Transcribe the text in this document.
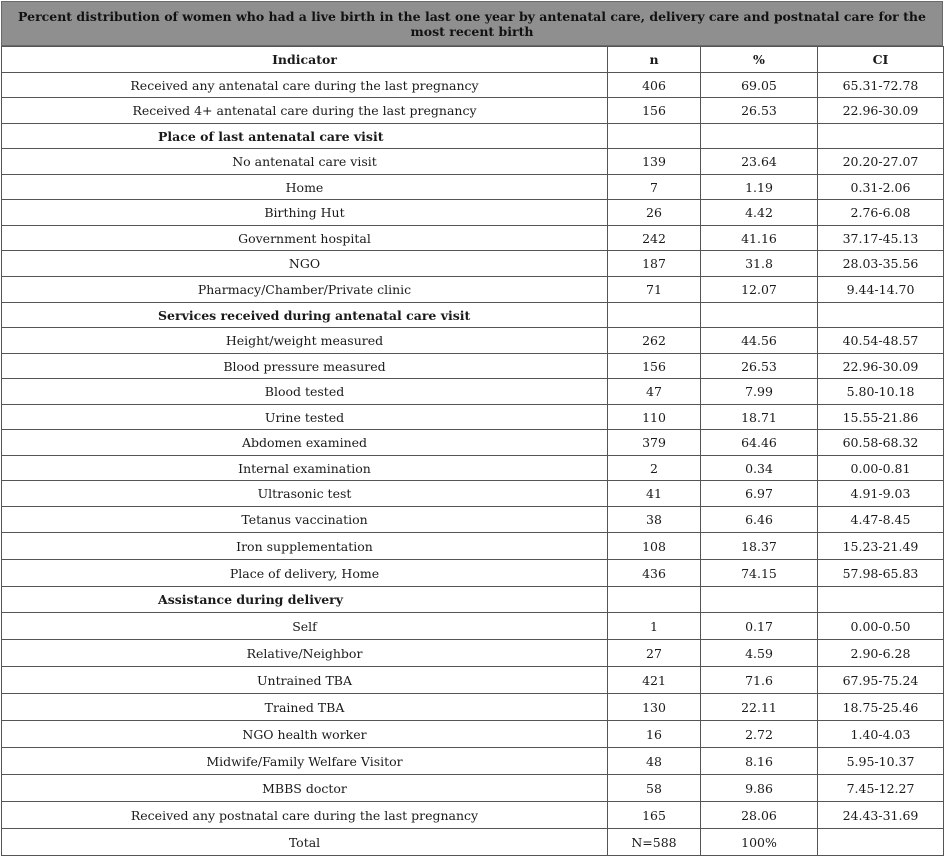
Percent distribution of women who had a live birth in the last one year by antenatal care, delivery care and postnatal care for the most recent birth
Indicator	n	%	CI
Received any antenatal care during the last pregnancy	406	69.05	65.31-72.78
Received 4+ antenatal care during the last pregnancy	156	26.53	22.96-30.09
Place of last antenatal care visit			
No antenatal care visit	139	23.64	20.20-27.07
Home	7	1.19	0.31-2.06
Birthing Hut	26	4.42	2.76-6.08
Government hospital	242	41.16	37.17-45.13
NGO	187	31.8	28.03-35.56
Pharmacy/Chamber/Private clinic	71	12.07	9.44-14.70
Services received during antenatal care visit			
Height/weight measured	262	44.56	40.54-48.57
Blood pressure measured	156	26.53	22.96-30.09
Blood tested	47	7.99	5.80-10.18
Urine tested	110	18.71	15.55-21.86
Abdomen examined	379	64.46	60.58-68.32
Internal examination	2	0.34	0.00-0.81
Ultrasonic test	41	6.97	4.91-9.03
Tetanus vaccination	38	6.46	4.47-8.45
Iron supplementation	108	18.37	15.23-21.49
Place of delivery, Home	436	74.15	57.98-65.83
Assistance during delivery			
Self	1	0.17	0.00-0.50
Relative/Neighbor	27	4.59	2.90-6.28
Untrained TBA	421	71.6	67.95-75.24
Trained TBA	130	22.11	18.75-25.46
NGO health worker	16	2.72	1.40-4.03
Midwife/Family Welfare Visitor	48	8.16	5.95-10.37
MBBS doctor	58	9.86	7.45-12.27
Received any postnatal care during the last pregnancy	165	28.06	24.43-31.69
Total	N=588	100%	
